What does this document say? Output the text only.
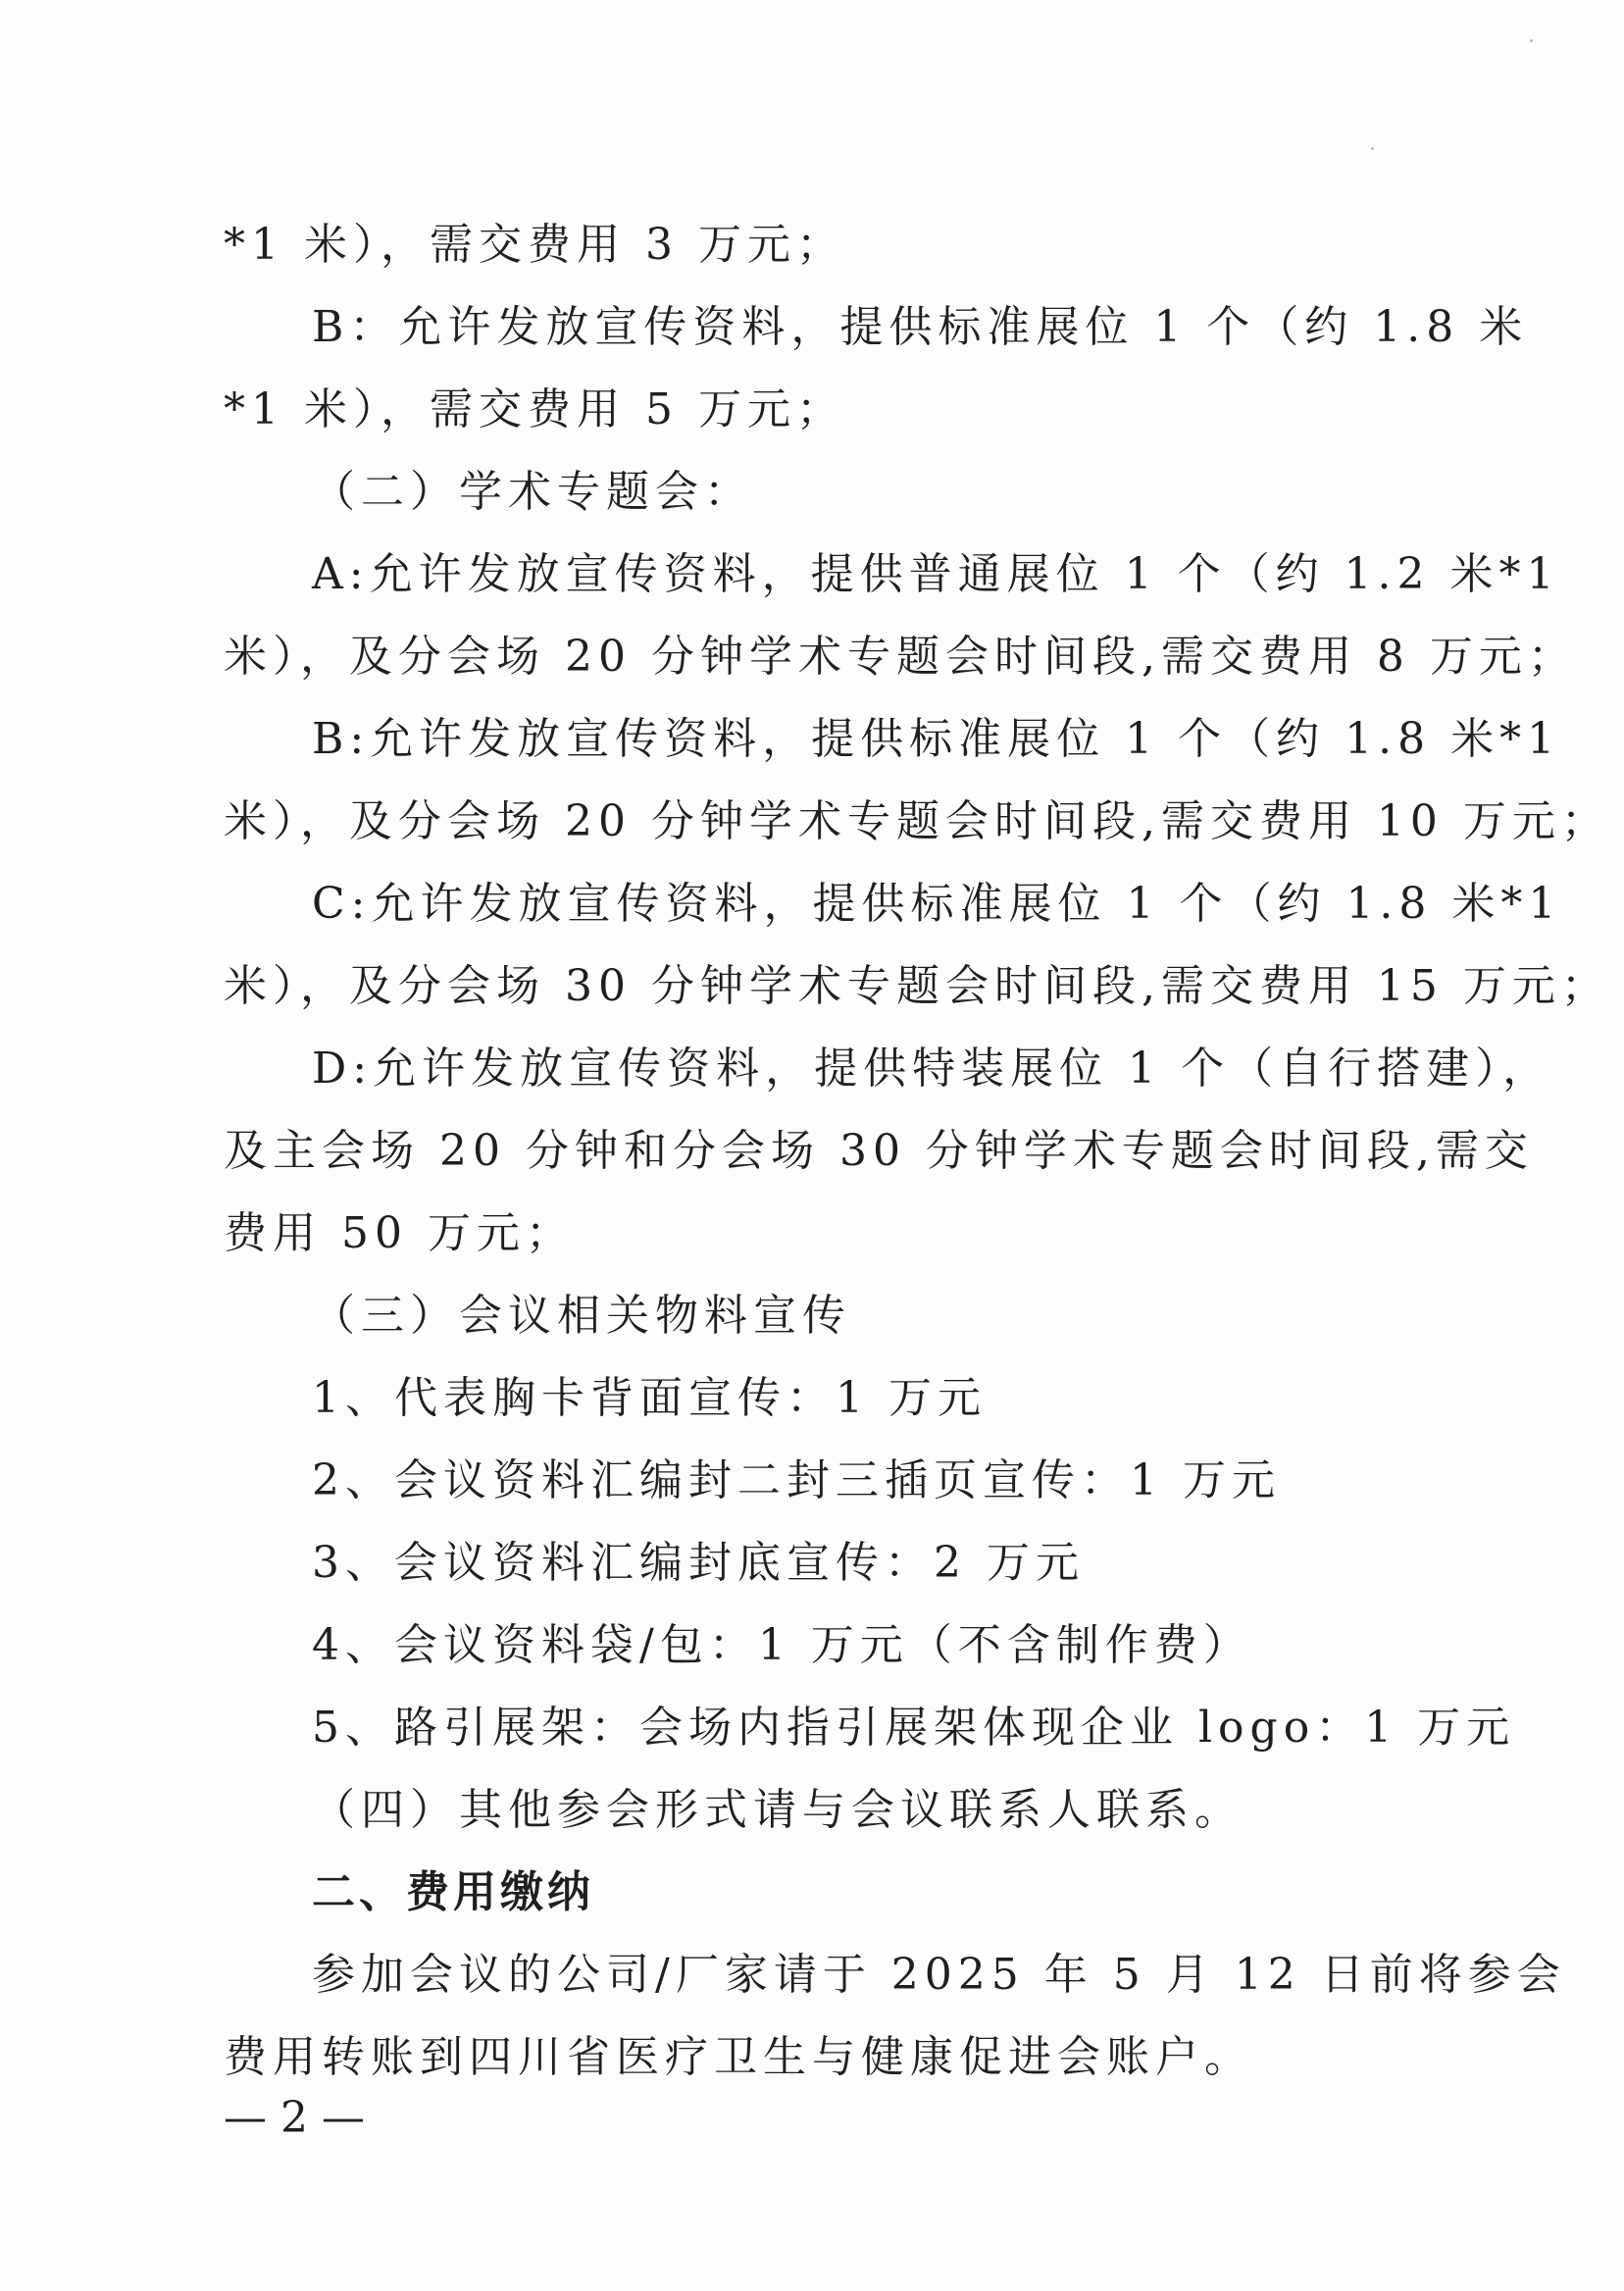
*1 米），需交费用 3 万元；
B：允许发放宣传资料，提供标准展位 1 个（约 1.8 米
*1 米），需交费用 5 万元；
（二）学术专题会：
A:允许发放宣传资料，提供普通展位 1 个（约 1.2 米*1
米），及分会场 20 分钟学术专题会时间段,需交费用 8 万元；
B:允许发放宣传资料，提供标准展位 1 个（约 1.8 米*1
米），及分会场 20 分钟学术专题会时间段,需交费用 10 万元；
C:允许发放宣传资料，提供标准展位 1 个（约 1.8 米*1
米），及分会场 30 分钟学术专题会时间段,需交费用 15 万元；
D:允许发放宣传资料，提供特装展位 1 个（自行搭建），
及主会场 20 分钟和分会场 30 分钟学术专题会时间段,需交
费用 50 万元；
（三）会议相关物料宣传
1、代表胸卡背面宣传：1 万元
2、会议资料汇编封二封三插页宣传：1 万元
3、会议资料汇编封底宣传：2 万元
4、会议资料袋/包：1 万元（不含制作费）
5、路引展架：会场内指引展架体现企业 logo：1 万元
（四）其他参会形式请与会议联系人联系。
二、费用缴纳
参加会议的公司/厂家请于 2025 年 5 月 12 日前将参会
费用转账到四川省医疗卫生与健康促进会账户。
— 2 —
